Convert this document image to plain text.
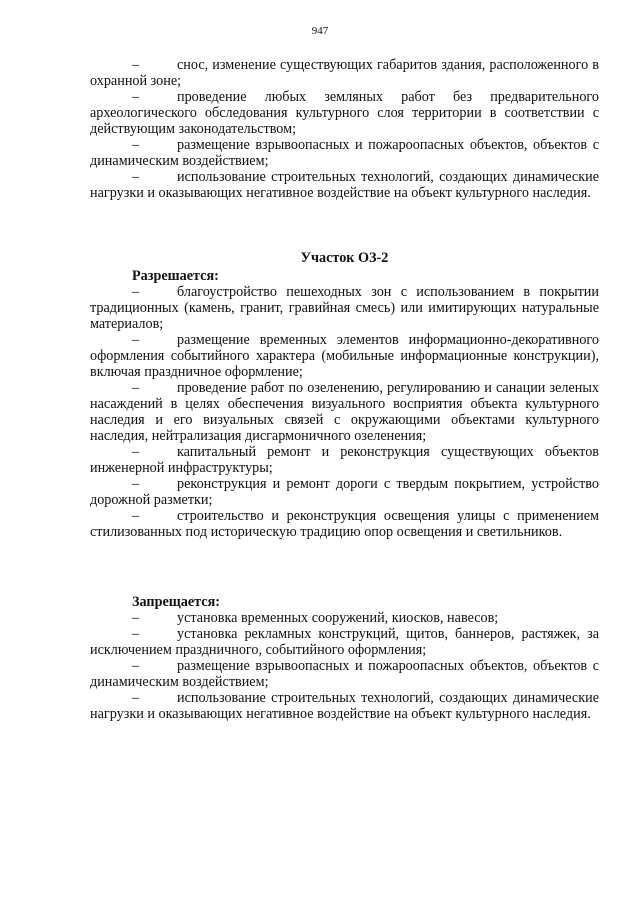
947

–	снос, изменение существующих габаритов здания, расположенного в охранной зоне;

–	проведение любых земляных работ без предварительного археологического обследования культурного слоя территории в соответствии с действующим законодательством;

–	размещение взрывоопасных и пожароопасных объектов, объектов с динамическим воздействием;

–	использование строительных технологий, создающих динамические нагрузки и оказывающих негативное воздействие на объект культурного наследия.

Участок ОЗ-2

Разрешается:

–	благоустройство пешеходных зон с использованием в покрытии традиционных (камень, гранит, гравийная смесь) или имитирующих натуральные материалов;

–	размещение временных элементов информационно-декоративного оформления событийного характера (мобильные информационные конструкции), включая праздничное оформление;

–	проведение работ по озеленению, регулированию и санации зеленых насаждений в целях обеспечения визуального восприятия объекта культурного наследия и его визуальных связей с окружающими объектами культурного наследия, нейтрализация дисгармоничного озеленения;

–	капитальный ремонт и реконструкция существующих объектов инженерной инфраструктуры;

–	реконструкция и ремонт дороги с твердым покрытием, устройство дорожной разметки;

–	строительство и реконструкция освещения улицы с применением стилизованных под историческую традицию опор освещения и светильников.

Запрещается:

–	установка временных сооружений, киосков, навесов;

–	установка рекламных конструкций, щитов, баннеров, растяжек, за исключением праздничного, событийного оформления;

–	размещение взрывоопасных и пожароопасных объектов, объектов с динамическим воздействием;

–	использование строительных технологий, создающих динамические нагрузки и оказывающих негативное воздействие на объект культурного наследия.
